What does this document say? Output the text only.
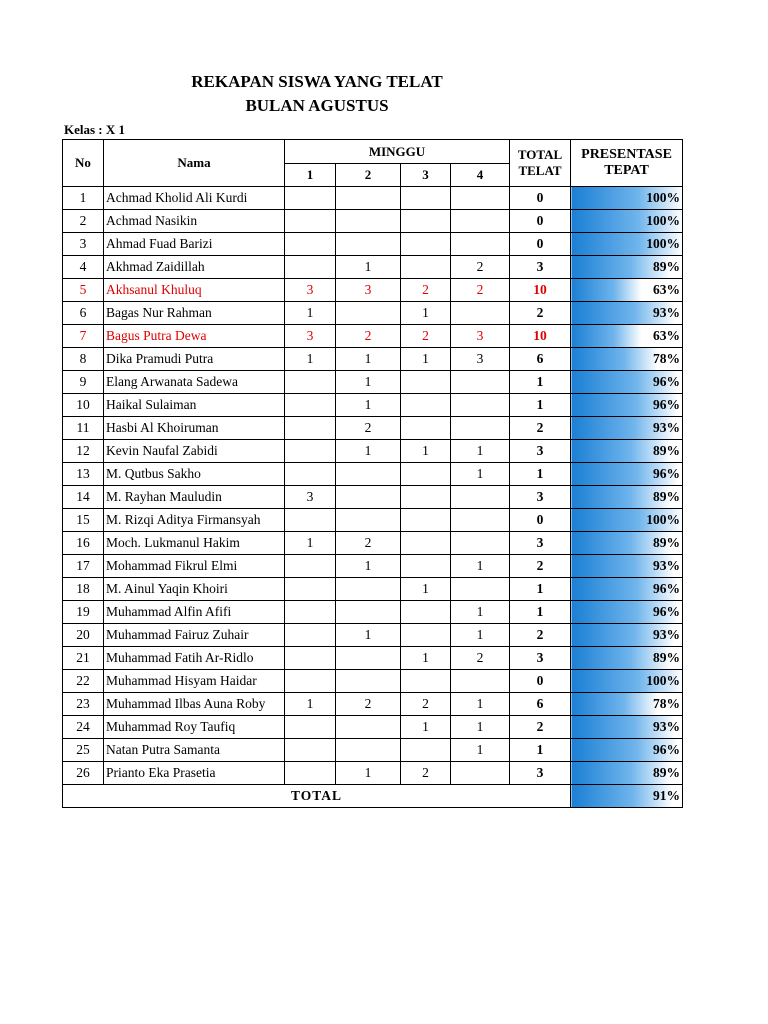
REKAPAN SISWA YANG TELAT
BULAN AGUSTUS
Kelas : X 1
No	Nama	MINGGU				TOTAL
TELAT	PRESENTASE
TEPAT
		1	2	3	4		
1	Achmad Kholid Ali Kurdi					0	100%
2	Achmad Nasikin					0	100%
3	Ahmad Fuad Barizi					0	100%
4	Akhmad Zaidillah		1		2	3	89%
5	Akhsanul Khuluq	3	3	2	2	10	63%
6	Bagas Nur Rahman	1		1		2	93%
7	Bagus Putra Dewa	3	2	2	3	10	63%
8	Dika Pramudi Putra	1	1	1	3	6	78%
9	Elang Arwanata Sadewa		1			1	96%
10	Haikal Sulaiman		1			1	96%
11	Hasbi Al Khoiruman		2			2	93%
12	Kevin Naufal Zabidi		1	1	1	3	89%
13	M. Qutbus Sakho				1	1	96%
14	M. Rayhan Mauludin	3				3	89%
15	M. Rizqi Aditya Firmansyah					0	100%
16	Moch. Lukmanul Hakim	1	2			3	89%
17	Mohammad Fikrul Elmi		1		1	2	93%
18	M. Ainul Yaqin Khoiri			1		1	96%
19	Muhammad Alfin Afifi				1	1	96%
20	Muhammad Fairuz Zuhair		1		1	2	93%
21	Muhammad Fatih Ar-Ridlo			1	2	3	89%
22	Muhammad Hisyam Haidar					0	100%
23	Muhammad Ilbas Auna Roby	1	2	2	1	6	78%
24	Muhammad Roy Taufiq			1	1	2	93%
25	Natan Putra Samanta				1	1	96%
26	Prianto Eka Prasetia		1	2		3	89%
TOTAL							91%
